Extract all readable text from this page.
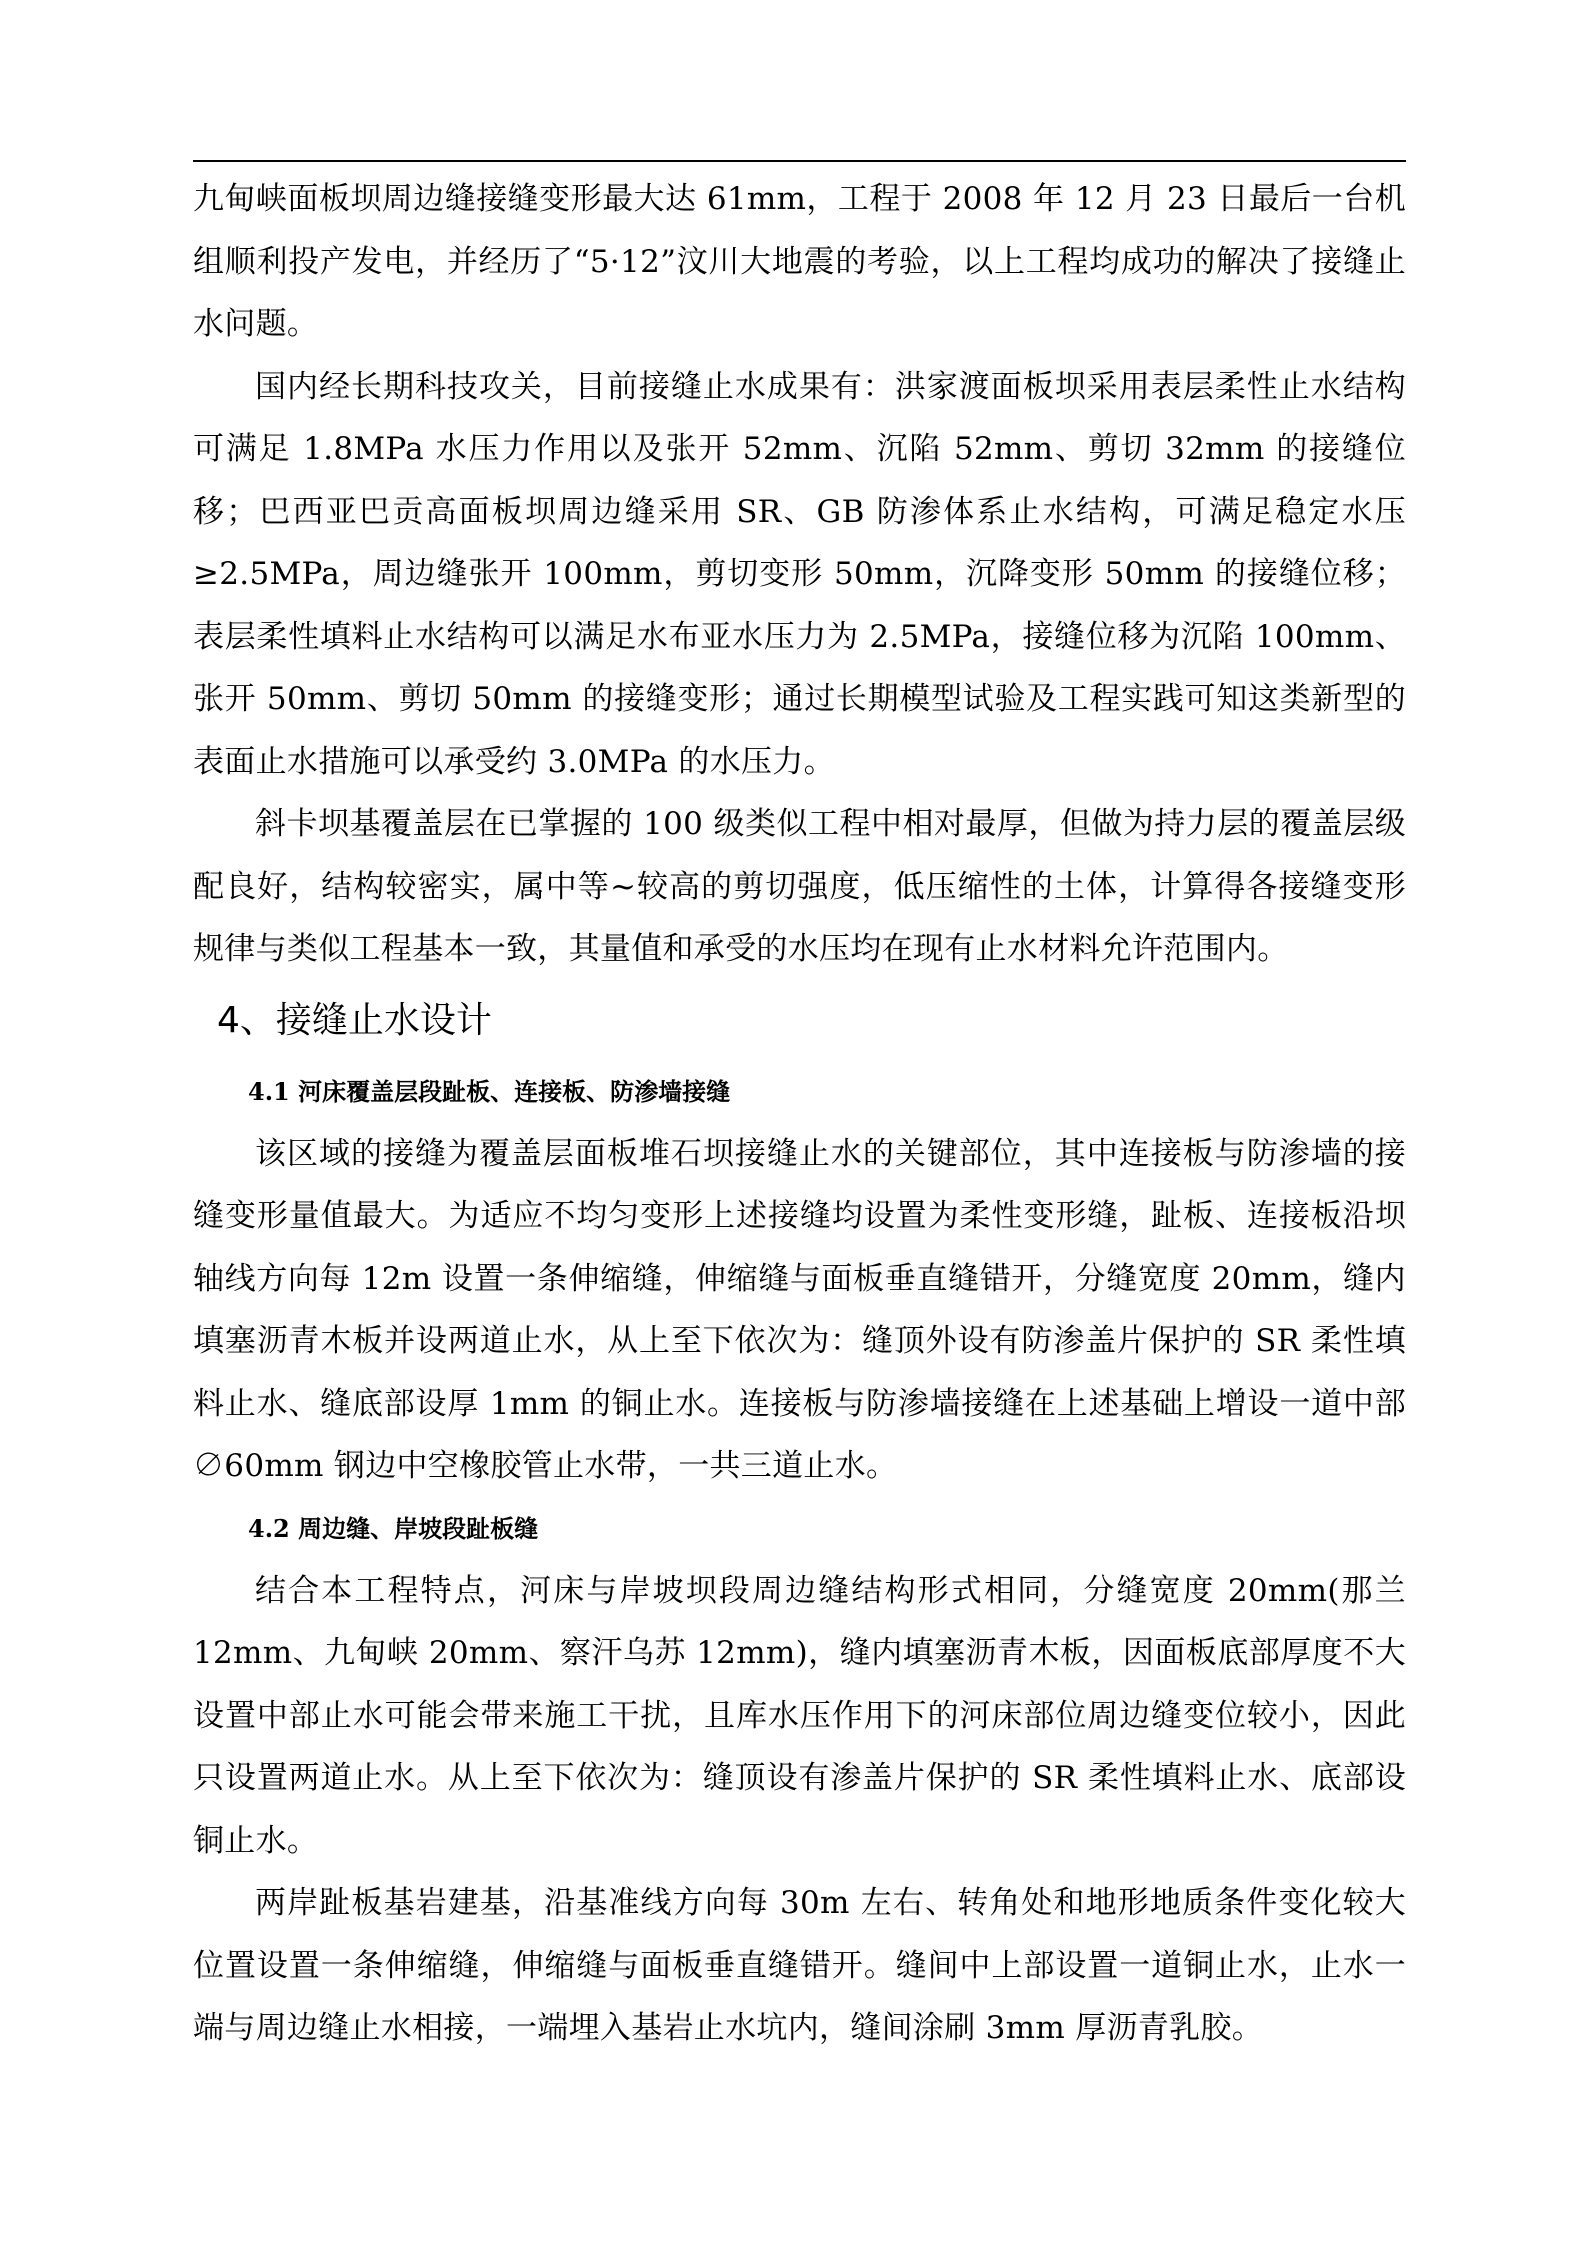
九甸峡面板坝周边缝接缝变形最大达 61mm，工程于 2008 年 12 月 23 日最后一台机组顺利投产发电，并经历了“5·12”汶川大地震的考验，以上工程均成功的解决了接缝止水问题。

国内经长期科技攻关，目前接缝止水成果有：洪家渡面板坝采用表层柔性止水结构可满足 1.8MPa 水压力作用以及张开 52mm、沉陷 52mm、剪切 32mm 的接缝位移；巴西亚巴贡高面板坝周边缝采用 SR、GB 防渗体系止水结构，可满足稳定水压≥2.5MPa，周边缝张开 100mm，剪切变形 50mm，沉降变形 50mm 的接缝位移；表层柔性填料止水结构可以满足水布亚水压力为 2.5MPa，接缝位移为沉陷 100mm、张开 50mm、剪切 50mm 的接缝变形；通过长期模型试验及工程实践可知这类新型的表面止水措施可以承受约 3.0MPa 的水压力。

斜卡坝基覆盖层在已掌握的 100 级类似工程中相对最厚，但做为持力层的覆盖层级配良好，结构较密实，属中等~较高的剪切强度，低压缩性的土体，计算得各接缝变形规律与类似工程基本一致，其量值和承受的水压均在现有止水材料允许范围内。

4、接缝止水设计
4.1 河床覆盖层段趾板、连接板、防渗墙接缝

该区域的接缝为覆盖层面板堆石坝接缝止水的关键部位，其中连接板与防渗墙的接缝变形量值最大。为适应不均匀变形上述接缝均设置为柔性变形缝，趾板、连接板沿坝轴线方向每 12m 设置一条伸缩缝，伸缩缝与面板垂直缝错开，分缝宽度 20mm，缝内填塞沥青木板并设两道止水，从上至下依次为：缝顶外设有防渗盖片保护的 SR 柔性填料止水、缝底部设厚 1mm 的铜止水。连接板与防渗墙接缝在上述基础上增设一道中部∅60mm 钢边中空橡胶管止水带，一共三道止水。

4.2 周边缝、岸坡段趾板缝

结合本工程特点，河床与岸坡坝段周边缝结构形式相同，分缝宽度 20mm(那兰 12mm、九甸峡 20mm、察汗乌苏 12mm)，缝内填塞沥青木板，因面板底部厚度不大设置中部止水可能会带来施工干扰，且库水压作用下的河床部位周边缝变位较小，因此只设置两道止水。从上至下依次为：缝顶设有渗盖片保护的 SR 柔性填料止水、底部设铜止水。

两岸趾板基岩建基，沿基准线方向每 30m 左右、转角处和地形地质条件变化较大位置设置一条伸缩缝，伸缩缝与面板垂直缝错开。缝间中上部设置一道铜止水，止水一端与周边缝止水相接，一端埋入基岩止水坑内，缝间涂刷 3mm 厚沥青乳胶。
